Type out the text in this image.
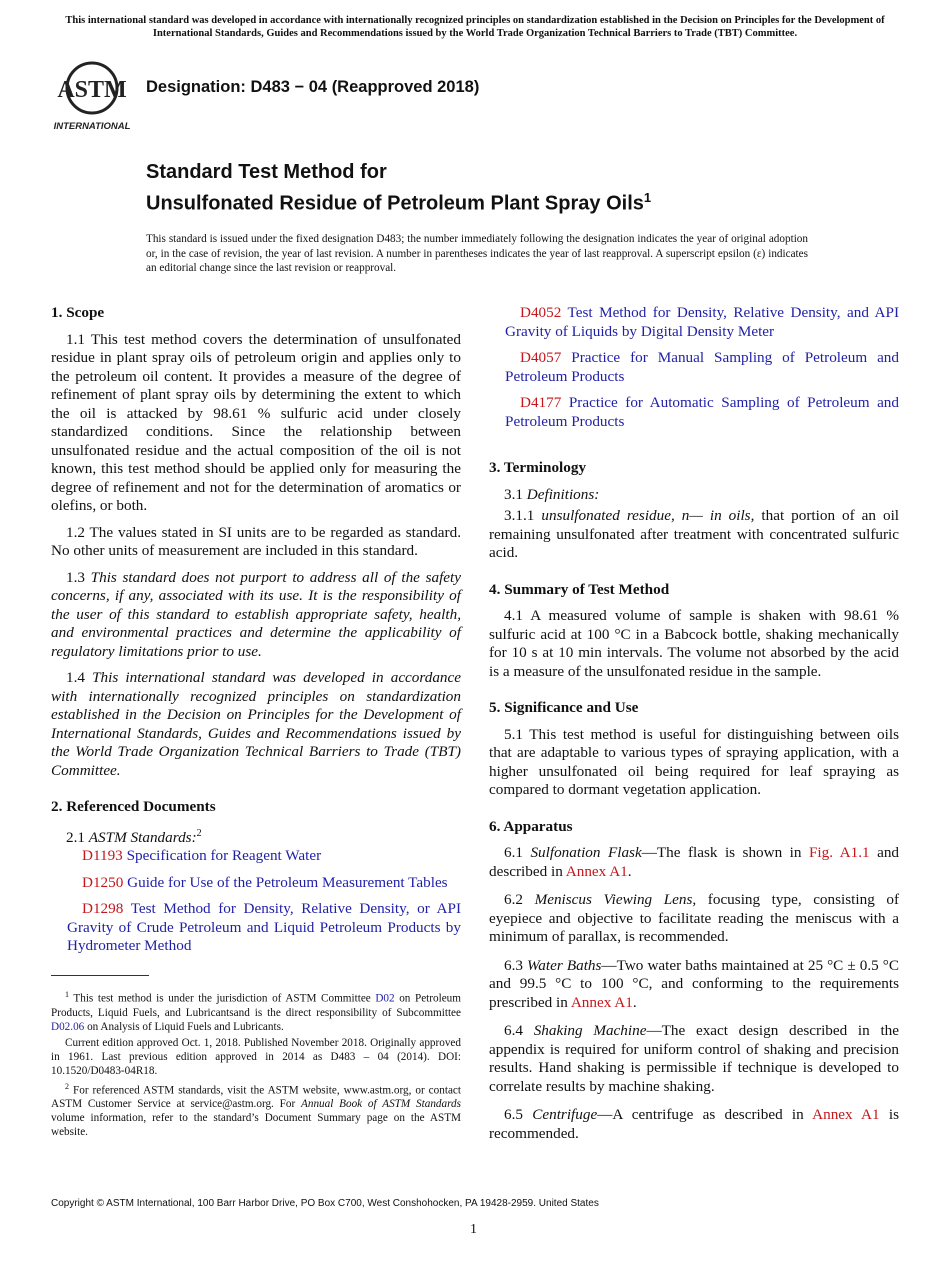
This international standard was developed in accordance with internationally recognized principles on standardization established in the Decision on Principles for the Development of International Standards, Guides and Recommendations issued by the World Trade Organization Technical Barriers to Trade (TBT) Committee.
ASTM
INTERNATIONAL
Designation: D483 − 04 (Reapproved 2018)
Standard Test Method for
Unsulfonated Residue of Petroleum Plant Spray Oils$^1$
This standard is issued under the fixed designation D483; the number immediately following the designation indicates the year of original adoption or, in the case of revision, the year of last revision. A number in parentheses indicates the year of last reapproval. A superscript epsilon (ε) indicates an editorial change since the last revision or reapproval.
1. Scope

1.1 This test method covers the determination of unsulfonated residue in plant spray oils of petroleum origin and applies only to the petroleum oil content. It provides a measure of the degree of refinement of plant spray oils by determining the extent to which the oil is attacked by 98.61 % sulfuric acid under closely standardized conditions. Since the relationship between unsulfonated residue and the actual composition of the oil is not known, this test method should be applied only for measuring the degree of refinement and not for the determination of aromatics or olefins, or both.

1.2 The values stated in SI units are to be regarded as standard. No other units of measurement are included in this standard.

1.3 This standard does not purport to address all of the safety concerns, if any, associated with its use. It is the responsibility of the user of this standard to establish appropriate safety, health, and environmental practices and determine the applicability of regulatory limitations prior to use.

1.4 This international standard was developed in accordance with internationally recognized principles on standardization established in the Decision on Principles for the Development of International Standards, Guides and Recommendations issued by the World Trade Organization Technical Barriers to Trade (TBT) Committee.

2. Referenced Documents

2.1 ASTM Standards:$^2$

D1193 Specification for Reagent Water

D1250 Guide for Use of the Petroleum Measurement Tables

D1298 Test Method for Density, Relative Density, or API Gravity of Crude Petroleum and Liquid Petroleum Products by Hydrometer Method

D4052 Test Method for Density, Relative Density, and API Gravity of Liquids by Digital Density Meter

D4057 Practice for Manual Sampling of Petroleum and Petroleum Products

D4177 Practice for Automatic Sampling of Petroleum and Petroleum Products

3. Terminology

3.1 Definitions:

3.1.1 unsulfonated residue, n— in oils, that portion of an oil remaining unsulfonated after treatment with concentrated sulfuric acid.

4. Summary of Test Method

4.1 A measured volume of sample is shaken with 98.61 % sulfuric acid at 100 °C in a Babcock bottle, shaking mechanically for 10 s at 10 min intervals. The volume not absorbed by the acid is a measure of the unsulfonated residue in the sample.

5. Significance and Use

5.1 This test method is useful for distinguishing between oils that are adaptable to various types of spraying application, with a higher unsulfonated oil being required for leaf spraying as compared to dormant vegetation application.

6. Apparatus

6.1 Sulfonation Flask—The flask is shown in Fig. A1.1 and described in Annex A1.

6.2 Meniscus Viewing Lens, focusing type, consisting of eyepiece and objective to facilitate reading the meniscus with a minimum of parallax, is recommended.

6.3 Water Baths—Two water baths maintained at 25 °C ± 0.5 °C and 99.5 °C to 100 °C, and conforming to the requirements prescribed in Annex A1.

6.4 Shaking Machine—The exact design described in the appendix is required for uniform control of shaking and precision results. Hand shaking is permissible if technique is developed to correlate results by machine shaking.

6.5 Centrifuge—A centrifuge as described in Annex A1 is recommended.

$^1$ This test method is under the jurisdiction of ASTM Committee D02 on Petroleum Products, Liquid Fuels, and Lubricantsand is the direct responsibility of Subcommittee D02.06 on Analysis of Liquid Fuels and Lubricants.

Current edition approved Oct. 1, 2018. Published November 2018. Originally approved in 1961. Last previous edition approved in 2014 as D483 – 04 (2014). DOI: 10.1520/D0483-04R18.

$^2$ For referenced ASTM standards, visit the ASTM website, www.astm.org, or contact ASTM Customer Service at service@astm.org. For Annual Book of ASTM Standards volume information, refer to the standard’s Document Summary page on the ASTM website.

Copyright © ASTM International, 100 Barr Harbor Drive, PO Box C700, West Conshohocken, PA 19428-2959. United States
1
